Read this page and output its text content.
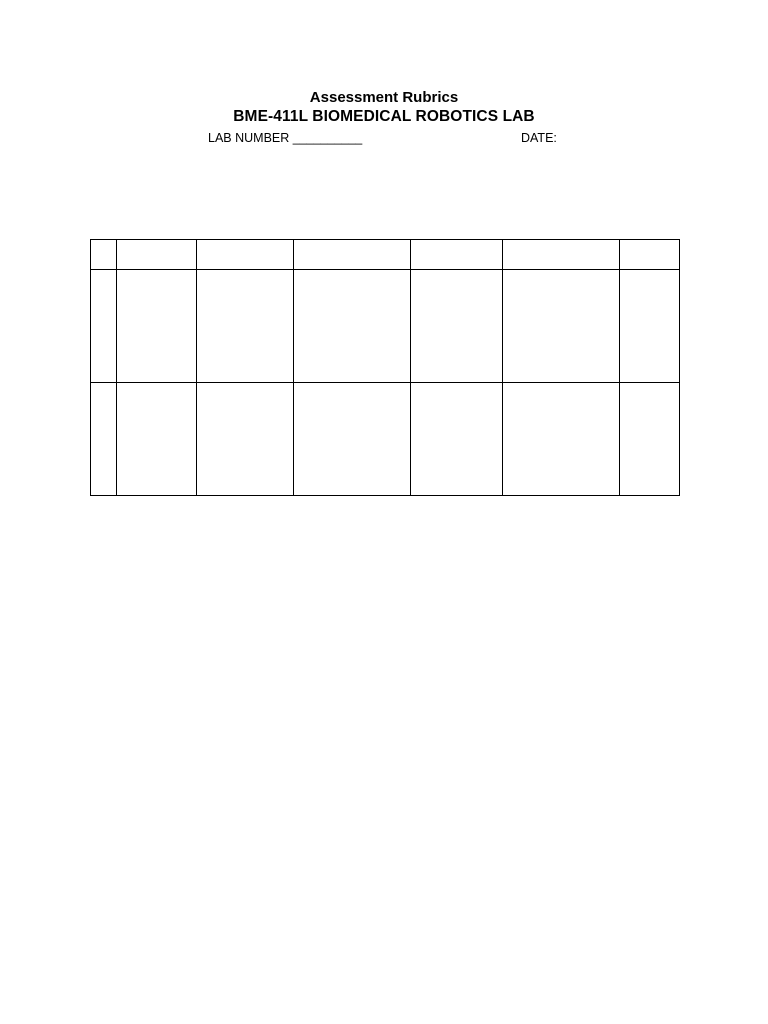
Assessment Rubrics
BME-411L BIOMEDICAL ROBOTICS LAB
LAB NUMBER __________	DATE:
